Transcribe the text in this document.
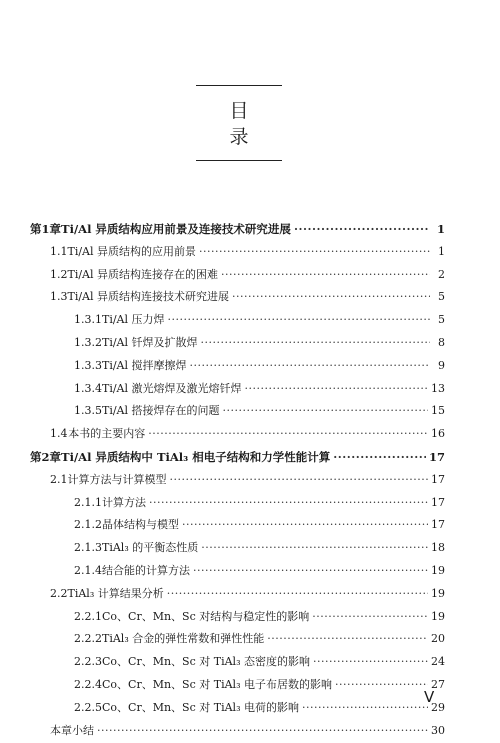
目 录
第1章 Ti/Al 异质结构应用前景及连接技术研究进展 ·····	1
1.1 Ti/Al 异质结构的应用前景 ·····	1
1.2 Ti/Al 异质结构连接存在的困难 ·····	2
1.3 Ti/Al 异质结构连接技术研究进展 ·····	5
1.3.1 Ti/Al 压力焊 ·····	5
1.3.2 Ti/Al 钎焊及扩散焊 ·····	8
1.3.3 Ti/Al 搅拌摩擦焊 ·····	9
1.3.4 Ti/Al 激光熔焊及激光熔钎焊 ·····	13
1.3.5 Ti/Al 搭接焊存在的问题 ·····	15
1.4 本书的主要内容 ·····	16
第2章 Ti/Al 异质结构中 TiAl₃ 相电子结构和力学性能计算 ·····	17
2.1 计算方法与计算模型 ·····	17
2.1.1 计算方法 ·····	17
2.1.2 晶体结构与模型 ·····	17
2.1.3 TiAl₃ 的平衡态性质 ·····	18
2.1.4 结合能的计算方法 ·····	19
2.2 TiAl₃ 计算结果分析 ·····	19
2.2.1 Co、Cr、Mn、Sc 对结构与稳定性的影响 ·····	19
2.2.2 TiAl₃ 合金的弹性常数和弹性性能 ·····	20
2.2.3 Co、Cr、Mn、Sc 对 TiAl₃ 态密度的影响 ·····	24
2.2.4 Co、Cr、Mn、Sc 对 TiAl₃ 电子布居数的影响 ·····	27
2.2.5 Co、Cr、Mn、Sc 对 TiAl₃ 电荷的影响 ·····	29
本章小结 ·····	30
V
